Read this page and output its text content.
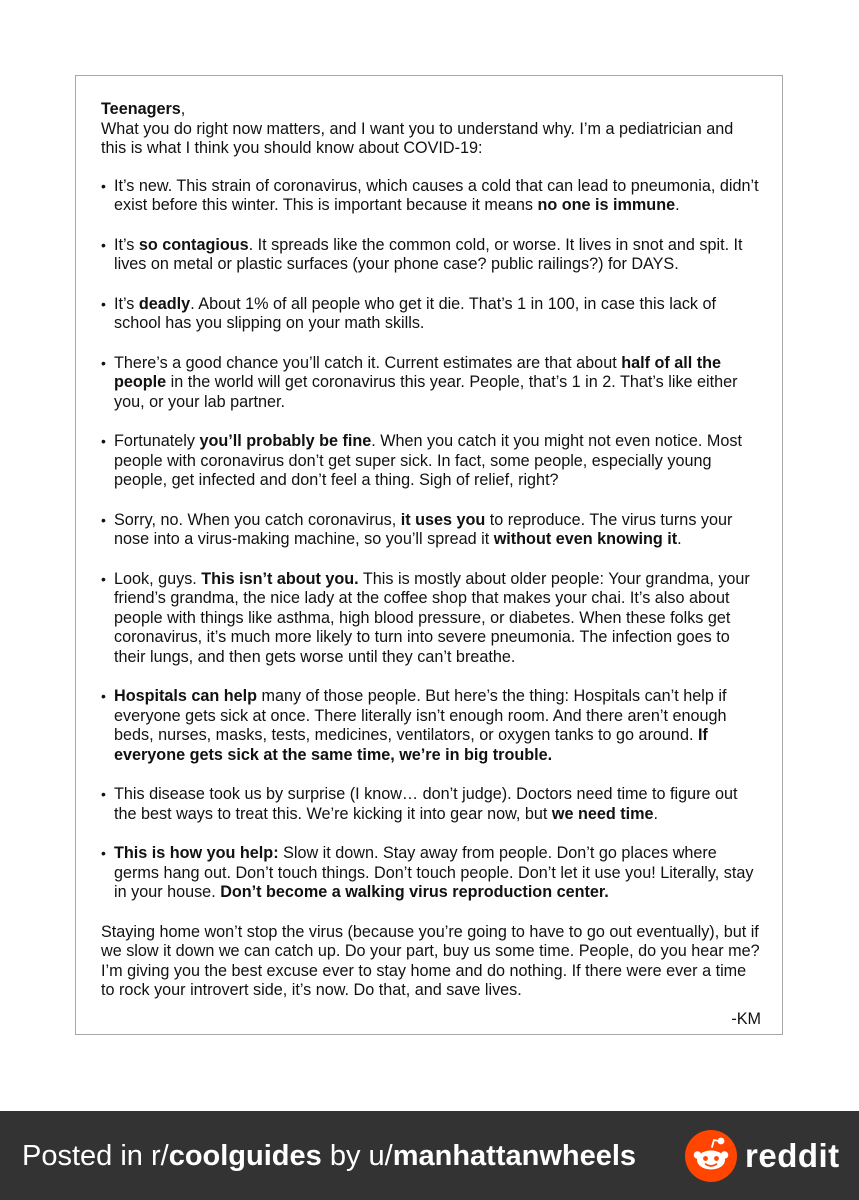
Teenagers,

What you do right now matters, and I want you to understand why. I’m a pediatrician and this is what I think you should know about COVID-19:

• It’s new. This strain of coronavirus, which causes a cold that can lead to pneumonia, didn’t exist before this winter. This is important because it means no one is immune.
• It’s so contagious. It spreads like the common cold, or worse. It lives in snot and spit. It lives on metal or plastic surfaces (your phone case? public railings?) for DAYS.
• It’s deadly. About 1% of all people who get it die. That’s 1 in 100, in case this lack of school has you slipping on your math skills.
• There’s a good chance you’ll catch it. Current estimates are that about half of all the people in the world will get coronavirus this year. People, that’s 1 in 2. That’s like either you, or your lab partner.
• Fortunately you’ll probably be fine. When you catch it you might not even notice. Most people with coronavirus don’t get super sick. In fact, some people, especially young people, get infected and don’t feel a thing. Sigh of relief, right?
• Sorry, no. When you catch coronavirus, it uses you to reproduce. The virus turns your nose into a virus-making machine, so you’ll spread it without even knowing it.
• Look, guys. This isn’t about you. This is mostly about older people: Your grandma, your friend’s grandma, the nice lady at the coffee shop that makes your chai. It’s also about people with things like asthma, high blood pressure, or diabetes. When these folks get coronavirus, it’s much more likely to turn into severe pneumonia. The infection goes to their lungs, and then gets worse until they can’t breathe.
• Hospitals can help many of those people. But here’s the thing: Hospitals can’t help if everyone gets sick at once. There literally isn’t enough room. And there aren’t enough beds, nurses, masks, tests, medicines, ventilators, or oxygen tanks to go around. If everyone gets sick at the same time, we’re in big trouble.
• This disease took us by surprise (I know… don’t judge). Doctors need time to figure out the best ways to treat this. We’re kicking it into gear now, but we need time.
• This is how you help: Slow it down. Stay away from people. Don’t go places where germs hang out. Don’t touch things. Don’t touch people. Don’t let it use you! Literally, stay in your house. Don’t become a walking virus reproduction center.

Staying home won’t stop the virus (because you’re going to have to go out eventually), but if we slow it down we can catch up. Do your part, buy us some time. People, do you hear me? I’m giving you the best excuse ever to stay home and do nothing. If there were ever a time to rock your introvert side, it’s now. Do that, and save lives.

-KM

Posted in r/coolguides by u/manhattanwheels	reddit
